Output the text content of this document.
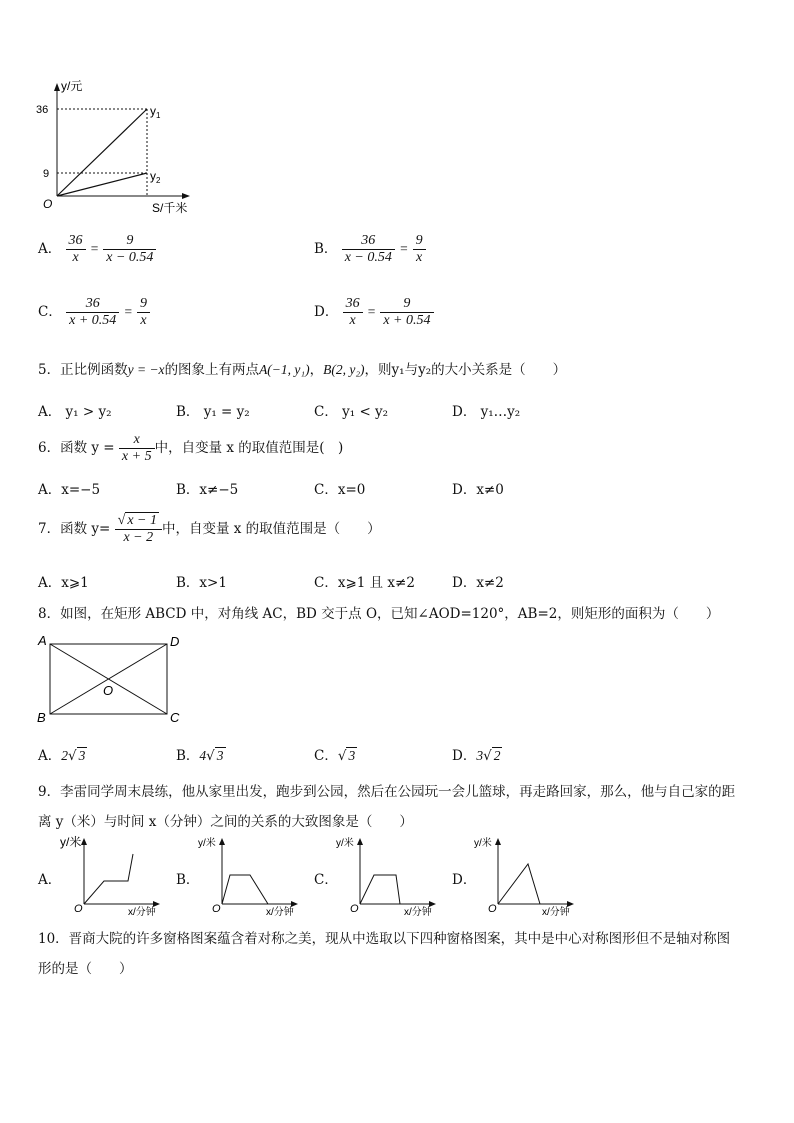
y/元
36
9
O	S/千米
$y_1$
$y_2$
A． $\frac{36}{x} = \frac{9}{x - 0.54}$	B． $\frac{36}{x - 0.54} = \frac{9}{x}$
C． $\frac{36}{x + 0.54} = \frac{9}{x}$	D． $\frac{36}{x} = \frac{9}{x + 0.54}$
5．正比例函数y = −x的图象上有两点A(−1, y₁)，B(2, y₂)，则y₁与y₂的大小关系是（　　）
A． y₁ > y₂	B． y₁ = y₂	C． y₁ < y₂	D． y₁…y₂
6．函数 $y = \frac{x}{x + 5}$ 中，自变量 x 的取值范围是(　)
A．x=−5	B．x≠−5	C．x=0	D．x≠0
7．函数 $y= \frac{√ x - 1}{x - 2}$ 中，自变量 x 的取值范围是（　　）
A．x⩾1	B．x>1	C．x⩾1 且 x≠2	D．x≠2
8．如图，在矩形 ABCD 中，对角线 AC，BD 交于点 O，已知∠AOD=120°，AB=2，则矩形的面积为（　　）
A	D
B	C
O
A．2√ 3	B．4√ 3	C．√ 3	D．3√ 2
9．李雷同学周末晨练，他从家里出发，跑步到公园，然后在公园玩一会儿篮球，再走路回家，那么，他与自己家的距
离 y（米）与时间 x（分钟）之间的关系的大致图象是（　　）
A．	B．	C．	D．
y/米
O	x/分钟
y/米
O	x/分钟
y/米
O	x/分钟
y/米
O	x/分钟
10．晋商大院的许多窗格图案蕴含着对称之美，现从中选取以下四种窗格图案，其中是中心对称图形但不是轴对称图
形的是（　　）
